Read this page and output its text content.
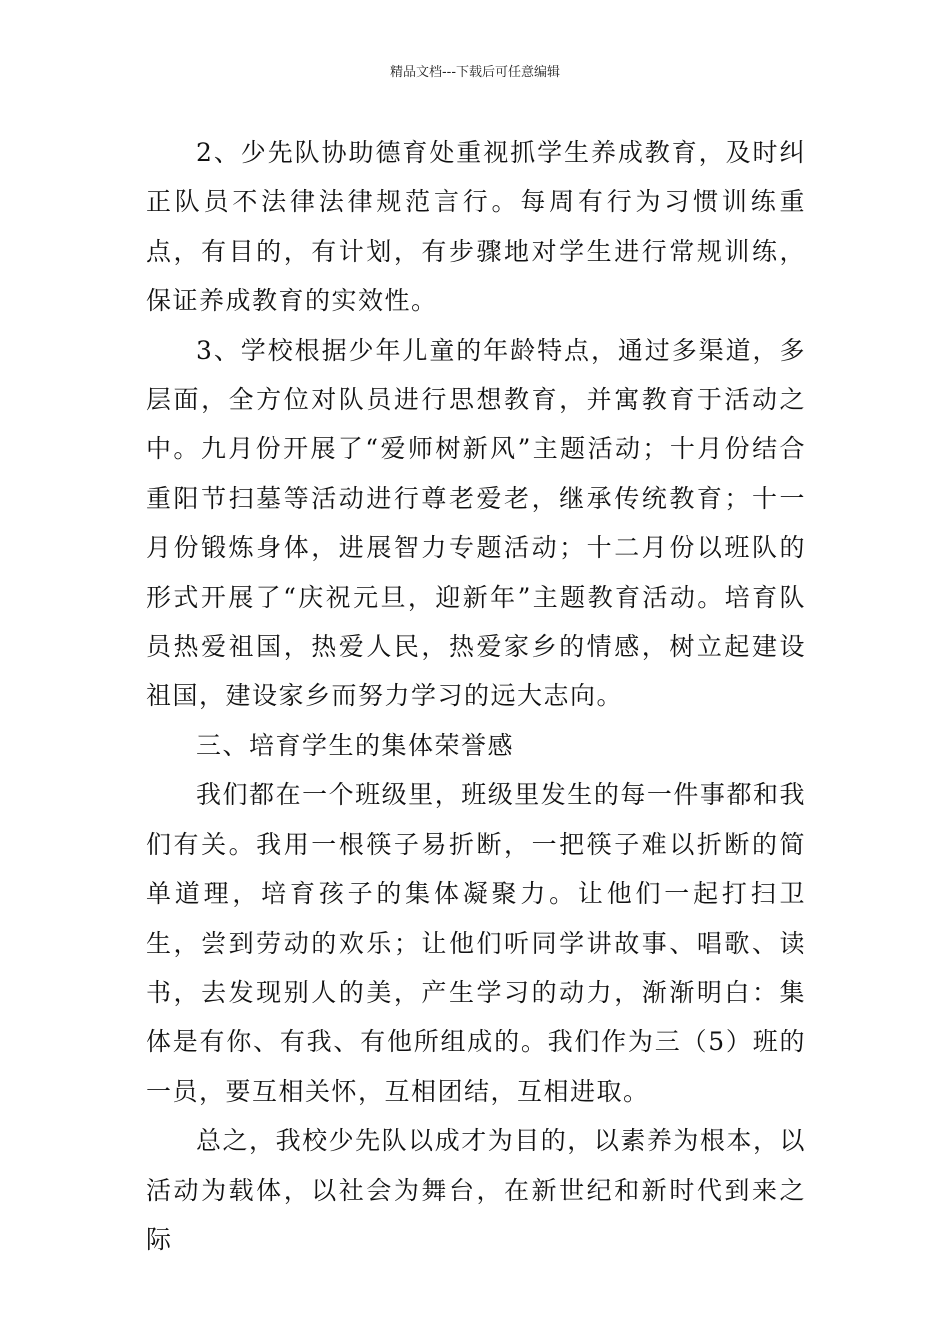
精品文档---下载后可任意编辑

2、少先队协助德育处重视抓学生养成教育，及时纠正队员不法律法律规范言行。每周有行为习惯训练重点，有目的，有计划，有步骤地对学生进行常规训练，保证养成教育的实效性。

3、学校根据少年儿童的年龄特点，通过多渠道，多层面，全方位对队员进行思想教育，并寓教育于活动之中。九月份开展了“爱师树新风”主题活动；十月份结合重阳节扫墓等活动进行尊老爱老，继承传统教育；十一月份锻炼身体，进展智力专题活动；十二月份以班队的形式开展了“庆祝元旦，迎新年”主题教育活动。培育队员热爱祖国，热爱人民，热爱家乡的情感，树立起建设祖国，建设家乡而努力学习的远大志向。

三、培育学生的集体荣誉感

我们都在一个班级里，班级里发生的每一件事都和我们有关。我用一根筷子易折断，一把筷子难以折断的简单道理，培育孩子的集体凝聚力。让他们一起打扫卫生，尝到劳动的欢乐；让他们听同学讲故事、唱歌、读书，去发现别人的美，产生学习的动力，渐渐明白：集体是有你、有我、有他所组成的。我们作为三（5）班的一员，要互相关怀，互相团结，互相进取。

总之，我校少先队以成才为目的，以素养为根本，以活动为载体，以社会为舞台，在新世纪和新时代到来之际
